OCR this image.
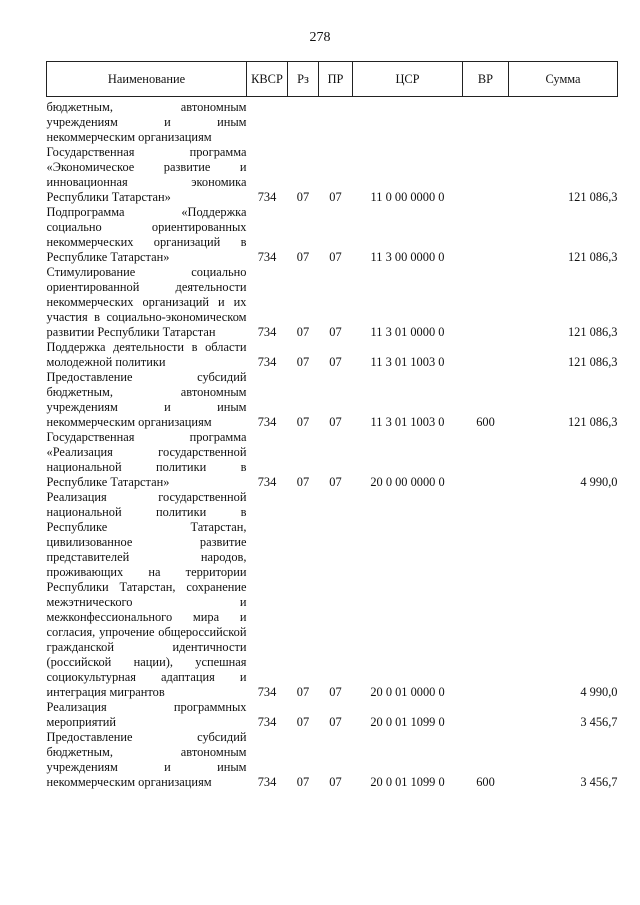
278
Наименование	КВСР	Рз	ПР	ЦСР	ВР	Сумма
бюджетным, автономным учреждениям и иным некоммерческим организациям						
Государственная программа «Экономическое развитие и инновационная экономика Республики Татарстан»	734	07	07	11 0 00 0000 0		121 086,3
Подпрограмма «Поддержка социально ориентированных некоммерческих организаций в Республике Татарстан»	734	07	07	11 3 00 0000 0		121 086,3
Стимулирование социально ориентированной деятельности некоммерческих организаций и их участия в социально-экономическом развитии Республики Татарстан	734	07	07	11 3 01 0000 0		121 086,3
Поддержка деятельности в области молодежной политики	734	07	07	11 3 01 1003 0		121 086,3
Предоставление субсидий бюджетным, автономным учреждениям и иным некоммерческим организациям	734	07	07	11 3 01 1003 0	600	121 086,3
Государственная программа «Реализация государственной национальной политики в Республике Татарстан»	734	07	07	20 0 00 0000 0		4 990,0
Реализация государственной национальной политики в Республике Татарстан, цивилизованное развитие представителей народов, проживающих на территории Республики Татарстан, сохранение межэтнического и межконфессионального мира и согласия, упрочение общероссийской гражданской идентичности (российской нации), успешная социокультурная адаптация и интеграция мигрантов	734	07	07	20 0 01 0000 0		4 990,0
Реализация программных мероприятий	734	07	07	20 0 01 1099 0		3 456,7
Предоставление субсидий бюджетным, автономным учреждениям и иным некоммерческим организациям	734	07	07	20 0 01 1099 0	600	3 456,7
